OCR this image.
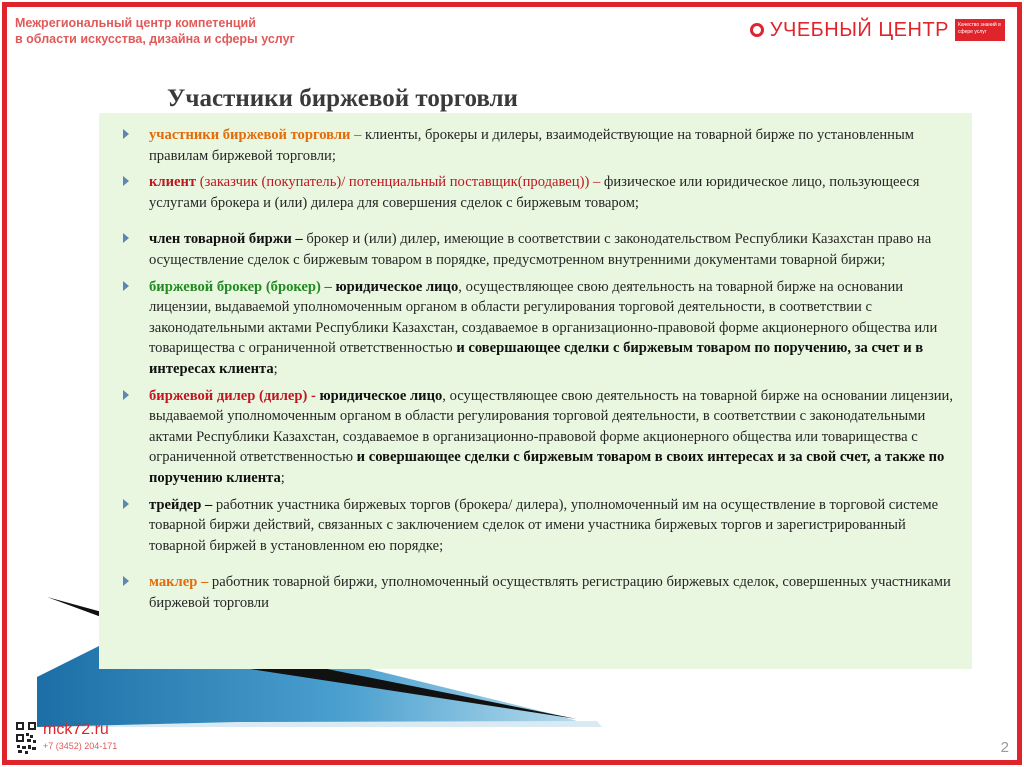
Межрегиональный центр компетенций
в области искусства, дизайна и сферы услуг	УЧЕБНЫЙ ЦЕНТР	Качество знаний в сфере услуг
Участники биржевой торговли
участники биржевой торговли – клиенты, брокеры и дилеры, взаимодействующие на товарной бирже по установленным правилам биржевой торговли;
клиент (заказчик (покупатель)/ потенциальный поставщик(продавец)) – физическое или юридическое лицо, пользующееся услугами брокера и (или) дилера для совершения сделок с биржевым товаром;
член товарной биржи – брокер и (или) дилер, имеющие в соответствии с законодательством Республики Казахстан право на осуществление сделок с биржевым товаром в порядке, предусмотренном внутренними документами товарной биржи;
биржевой брокер (брокер) – юридическое лицо, осуществляющее свою деятельность на товарной бирже на основании лицензии, выдаваемой уполномоченным органом в области регулирования торговой деятельности, в соответствии с законодательными актами Республики Казахстан, создаваемое в организационно-правовой форме акционерного общества или товарищества с ограниченной ответственностью и совершающее сделки с биржевым товаром по поручению, за счет и в интересах клиента;
биржевой дилер (дилер) - юридическое лицо, осуществляющее свою деятельность на товарной бирже на основании лицензии, выдаваемой уполномоченным органом в области регулирования торговой деятельности, в соответствии с законодательными актами Республики Казахстан, создаваемое в организационно-правовой форме акционерного общества или товарищества с ограниченной ответственностью и совершающее сделки с биржевым товаром в своих интересах и за свой счет, а также по поручению клиента;
трейдер – работник участника биржевых торгов (брокера/ дилера), уполномоченный им на осуществление в торговой системе товарной биржи действий, связанных с заключением сделок от имени участника биржевых торгов и зарегистрированный товарной биржей в установленном ею порядке;
маклер – работник товарной биржи, уполномоченный осуществлять регистрацию биржевых сделок, совершенных участниками биржевой торговли
mck72.ru
+7 (3452) 204-171	2
